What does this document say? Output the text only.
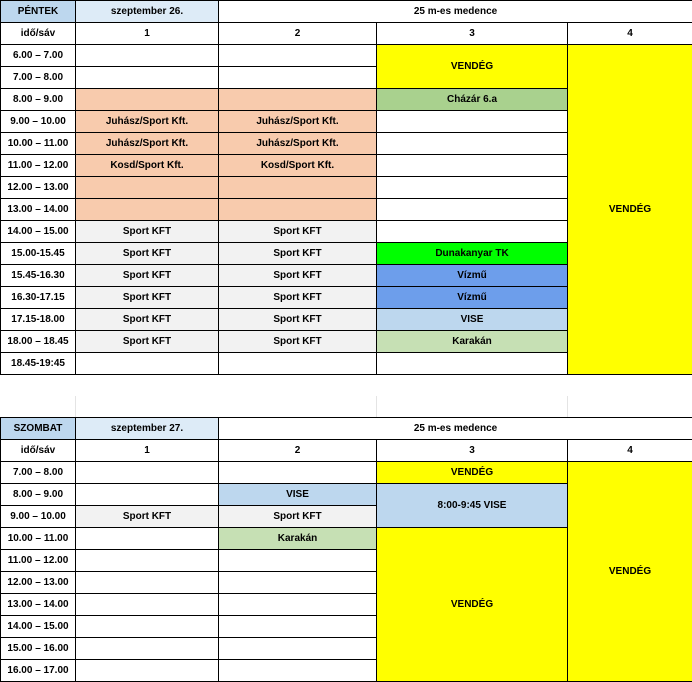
PÉNTEK	szeptember 26.	25 m-es medence		
idő/sáv	1	2	3	4
6.00 – 7.00			VENDÉG	VENDÉG
7.00 – 8.00				
8.00 – 9.00			Cházár 6.a	
9.00 – 10.00	Juhász/Sport Kft.	Juhász/Sport Kft.		
10.00 – 11.00	Juhász/Sport Kft.	Juhász/Sport Kft.		
11.00 – 12.00	Kosd/Sport Kft.	Kosd/Sport Kft.		
12.00 – 13.00				
13.00 – 14.00				
14.00 – 15.00	Sport KFT	Sport KFT		
15.00-15.45	Sport KFT	Sport KFT	Dunakanyar TK	
15.45-16.30	Sport KFT	Sport KFT	Vízmű	
16.30-17.15	Sport KFT	Sport KFT	Vízmű	
17.15-18.00	Sport KFT	Sport KFT	VISE	
18.00 – 18.45	Sport KFT	Sport KFT	Karakán	
18.45-19:45				
SZOMBAT	szeptember 27.	25 m-es medence		
idő/sáv	1	2	3	4
7.00 – 8.00			VENDÉG	VENDÉG
8.00 – 9.00		VISE	8:00-9:45 VISE	
9.00 – 10.00	Sport KFT	Sport KFT		
10.00 – 11.00		Karakán	VENDÉG	
11.00 – 12.00				
12.00 – 13.00				
13.00 – 14.00				
14.00 – 15.00				
15.00 – 16.00				
16.00 – 17.00				
